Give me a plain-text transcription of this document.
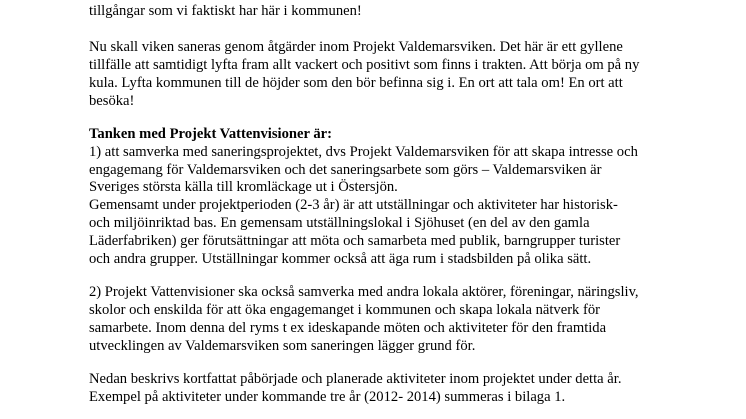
tillgångar som vi faktiskt har här i kommunen!
Nu skall viken saneras genom åtgärder inom Projekt Valdemarsviken. Det här är ett gyllene
tillfälle att samtidigt lyfta fram allt vackert och positivt som finns i trakten. Att börja om på ny
kula. Lyfta kommunen till de höjder som den bör befinna sig i. En ort att tala om! En ort att
besöka!
Tanken med Projekt Vattenvisioner är:
1) att samverka med saneringsprojektet, dvs Projekt Valdemarsviken för att skapa intresse och
engagemang för Valdemarsviken och det saneringsarbete som görs – Valdemarsviken är
Sveriges största källa till kromläckage ut i Östersjön.
Gemensamt under projektperioden (2-3 år) är att utställningar och aktiviteter har historisk-
och miljöinriktad bas. En gemensam utställningslokal i Sjöhuset (en del av den gamla
Läderfabriken) ger förutsättningar att möta och samarbeta med publik, barngrupper turister
och andra grupper. Utställningar kommer också att äga rum i stadsbilden på olika sätt.
2) Projekt Vattenvisioner ska också samverka med andra lokala aktörer, föreningar, näringsliv,
skolor och enskilda för att öka engagemanget i kommunen och skapa lokala nätverk för
samarbete. Inom denna del ryms t ex ideskapande möten och aktiviteter för den framtida
utvecklingen av Valdemarsviken som saneringen lägger grund för.
Nedan beskrivs kortfattat påbörjade och planerade aktiviteter inom projektet under detta år.
Exempel på aktiviteter under kommande tre år (2012- 2014) summeras i bilaga 1.
